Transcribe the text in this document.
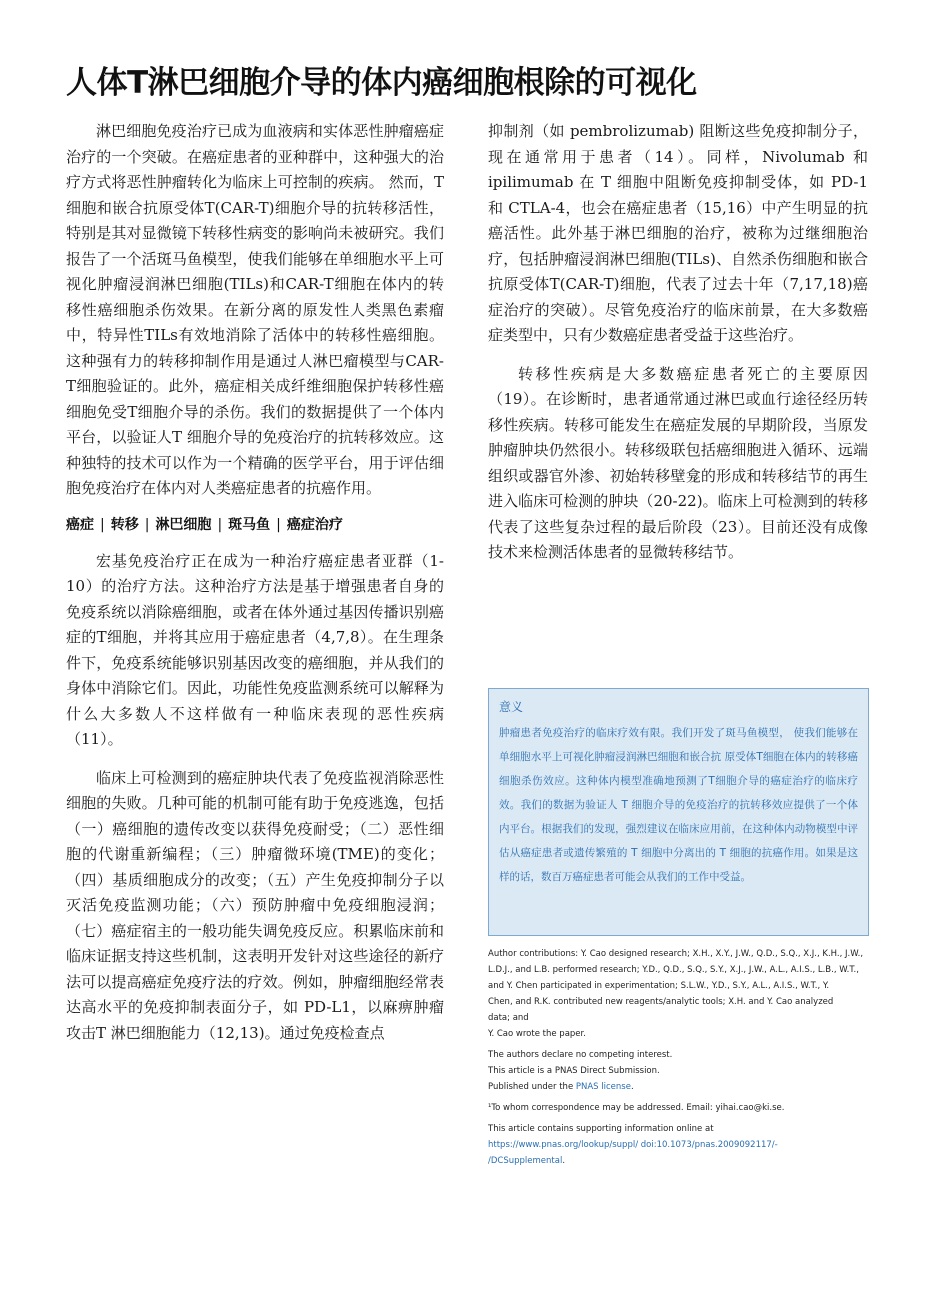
人体T淋巴细胞介导的体内癌细胞根除的可视化

淋巴细胞免疫治疗已成为血液病和实体恶性肿瘤癌症治疗的一个突破。在癌症患者的亚种群中，这种强大的治疗方式将恶性肿瘤转化为临床上可控制的疾病。 然而，T细胞和嵌合抗原受体T(CAR-T)细胞介导的抗转移活性，特别是其对显微镜下转移性病变的影响尚未被研究。我们报告了一个活斑马鱼模型，使我们能够在单细胞水平上可视化肿瘤浸润淋巴细胞(TILs)和CAR-T细胞在体内的转移性癌细胞杀伤效果。在新分离的原发性人类黑色素瘤中，特异性TILs有效地消除了活体中的转移性癌细胞。这种强有力的转移抑制作用是通过人淋巴瘤模型与CAR-T细胞验证的。此外，癌症相关成纤维细胞保护转移性癌细胞免受T细胞介导的杀伤。我们的数据提供了一个体内平台，以验证人T 细胞介导的免疫治疗的抗转移效应。这种独特的技术可以作为一个精确的医学平台，用于评估细胞免疫治疗在体内对人类癌症患者的抗癌作用。

癌症 | 转移 | 淋巴细胞 | 斑马鱼 | 癌症治疗

宏基免疫治疗正在成为一种治疗癌症患者亚群（1-10）的治疗方法。这种治疗方法是基于增强患者自身的免疫系统以消除癌细胞，或者在体外通过基因传播识别癌症的T细胞，并将其应用于癌症患者（4,7,8）。在生理条件下，免疫系统能够识别基因改变的癌细胞，并从我们的身体中消除它们。因此，功能性免疫监测系统可以解释为什么大多数人不这样做有一种临床表现的恶性疾病（11）。

临床上可检测到的癌症肿块代表了免疫监视消除恶性细胞的失败。几种可能的机制可能有助于免疫逃逸，包括（一）癌细胞的遗传改变以获得免疫耐受；（二）恶性细胞的代谢重新编程；（三）肿瘤微环境(TME)的变化；（四）基质细胞成分的改变；（五）产生免疫抑制分子以灭活免疫监测功能；（六）预防肿瘤中免疫细胞浸润；（七）癌症宿主的一般功能失调免疫反应。积累临床前和临床证据支持这些机制，这表明开发针对这些途径的新疗法可以提高癌症免疫疗法的疗效。例如，肿瘤细胞经常表达高水平的免疫抑制表面分子，如 PD-L1，以麻痹肿瘤攻击T 淋巴细胞能力（12,13)。通过免疫检查点

抑制剂（如 pembrolizumab) 阻断这些免疫抑制分子，现在通常用于患者（14）。同样，Nivolumab 和 ipilimumab 在 T 细胞中阻断免疫抑制受体，如 PD-1 和 CTLA-4，也会在癌症患者（15,16）中产生明显的抗癌活性。此外基于淋巴细胞的治疗，被称为过继细胞治疗，包括肿瘤浸润淋巴细胞(TILs)、自然杀伤细胞和嵌合抗原受体T(CAR-T)细胞，代表了过去十年（7,17,18)癌症治疗的突破）。尽管免疫治疗的临床前景，在大多数癌症类型中，只有少数癌症患者受益于这些治疗。

转移性疾病是大多数癌症患者死亡的主要原因（19）。在诊断时，患者通常通过淋巴或血行途径经历转移性疾病。转移可能发生在癌症发展的早期阶段，当原发肿瘤肿块仍然很小。转移级联包括癌细胞进入循环、远端组织或器官外渗、初始转移壁龛的形成和转移结节的再生进入临床可检测的肿块（20-22)。临床上可检测到的转移代表了这些复杂过程的最后阶段（23）。目前还没有成像技术来检测活体患者的显微转移结节。

意义

肿瘤患者免疫治疗的临床疗效有限。我们开发了斑马鱼模型， 使我们能够在单细胞水平上可视化肿瘤浸润淋巴细胞和嵌合抗 原受体T细胞在体内的转移癌细胞杀伤效应。这种体内模型准确地预测了T细胞介导的癌症治疗的临床疗效。我们的数据为验证人 T 细胞介导的免疫治疗的抗转移效应提供了一个体内平台。根据我们的发现，强烈建议在临床应用前，在这种体内动物模型中评估从癌症患者或遗传繁殖的 T 细胞中分离出的 T 细胞的抗癌作用。如果是这样的话，数百万癌症患者可能会从我们的工作中受益。

Author contributions: Y. Cao designed research; X.H., X.Y., J.W., Q.D., S.Q., X.J., K.H., J.W.,
L.D.J., and L.B. performed research; Y.D., Q.D., S.Q., S.Y., X.J., J.W., A.L., A.I.S., L.B., W.T.,
and Y. Chen participated in experimentation; S.L.W., Y.D., S.Y., A.L., A.I.S., W.T., Y.
Chen, and R.K. contributed new reagents/analytic tools; X.H. and Y. Cao analyzed
data; and
Y. Cao wrote the paper.

The authors declare no competing interest.
This article is a PNAS Direct Submission.
Published under the PNAS license.

¹To whom correspondence may be addressed. Email: yihai.cao@ki.se.

This article contains supporting information online at
https://www.pnas.org/lookup/suppl/ doi:10.1073/pnas.2009092117/-
/DCSupplemental.
